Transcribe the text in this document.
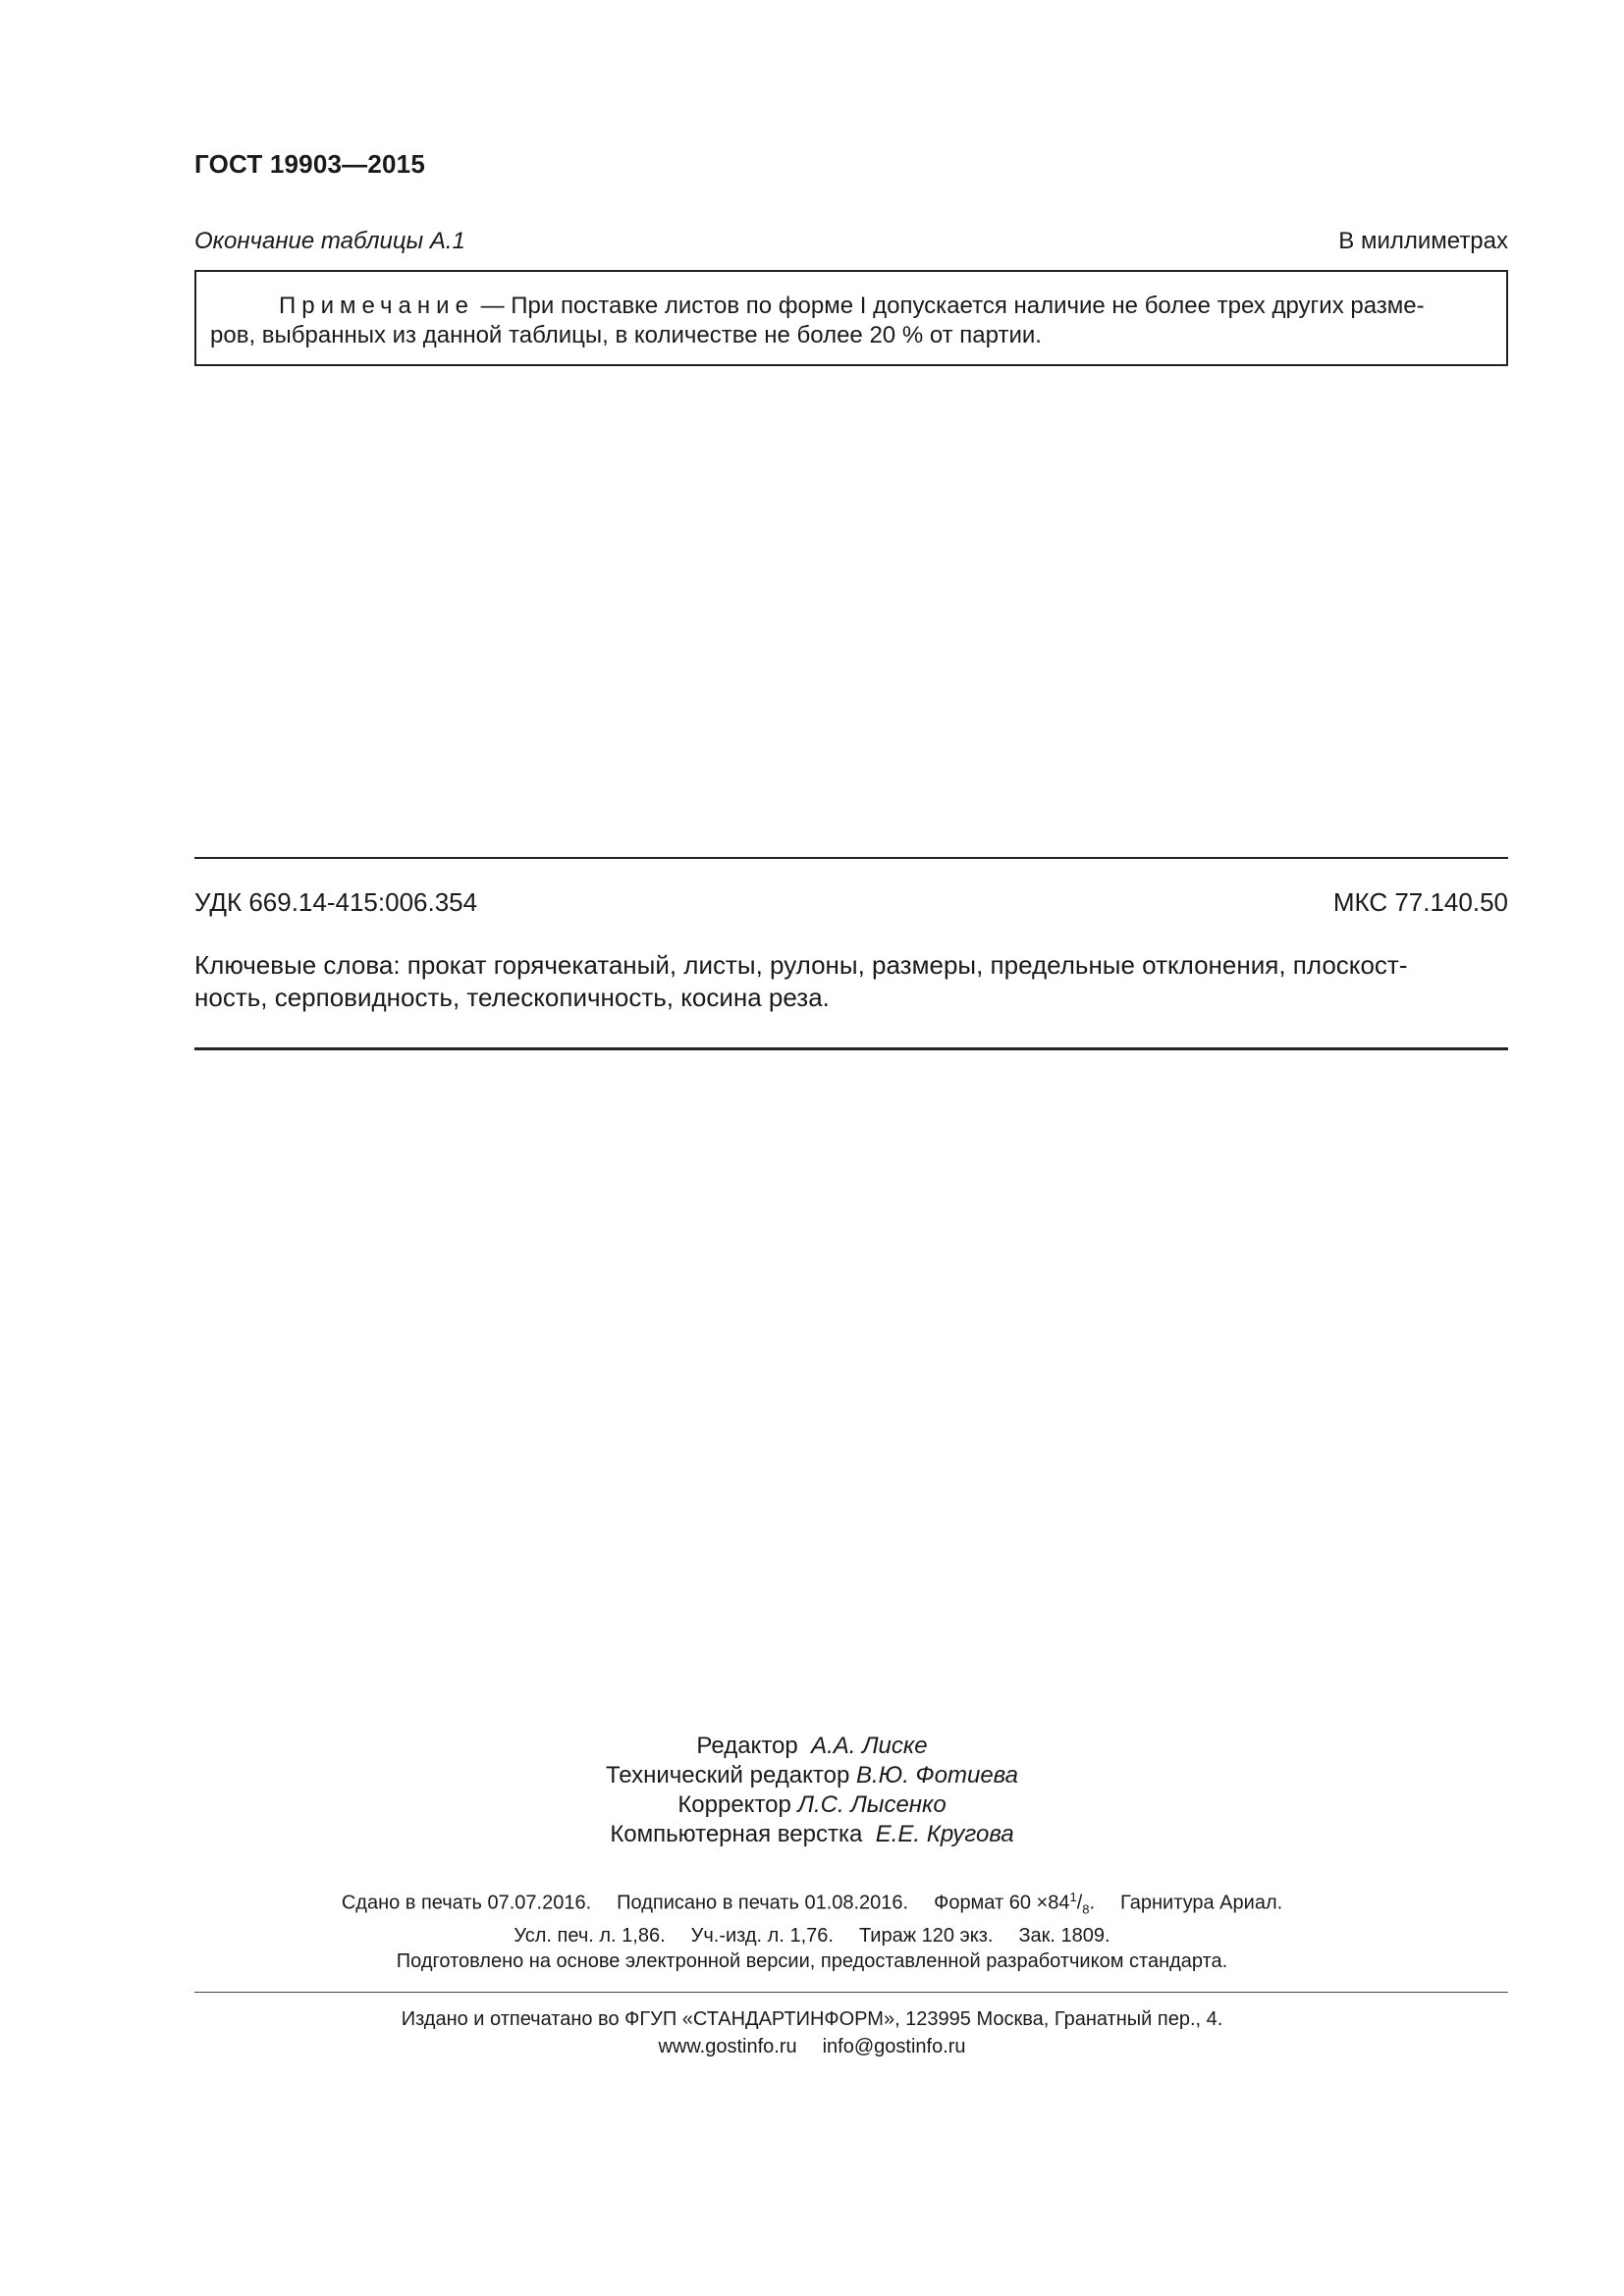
ГОСТ 19903—2015
Окончание таблицы А.1	В миллиметрах
Примечание — При поставке листов по форме I допускается наличие не более трех других разме-
ров, выбранных из данной таблицы, в количестве не более 20 % от партии.
УДК 669.14-415:006.354	МКС 77.140.50
Ключевые слова: прокат горячекатаный, листы, рулоны, размеры, предельные отклонения, плоскост-
ность, серповидность, телескопичность, косина реза.
Редактор А.А. Лиске
Технический редактор В.Ю. Фотиева
Корректор Л.С. Лысенко
Компьютерная верстка Е.Е. Кругова
Сдано в печать 07.07.2016. Подписано в печать 01.08.2016. Формат $60 \times 84^1/_8$. Гарнитура Ариал.
Усл. печ. л. 1,86. Уч.-изд. л. 1,76. Тираж 120 экз. Зак. 1809.
Подготовлено на основе электронной версии, предоставленной разработчиком стандарта.
Издано и отпечатано во ФГУП «СТАНДАРТИНФОРМ», 123995 Москва, Гранатный пер., 4.
www.gostinfo.ru info@gostinfo.ru
